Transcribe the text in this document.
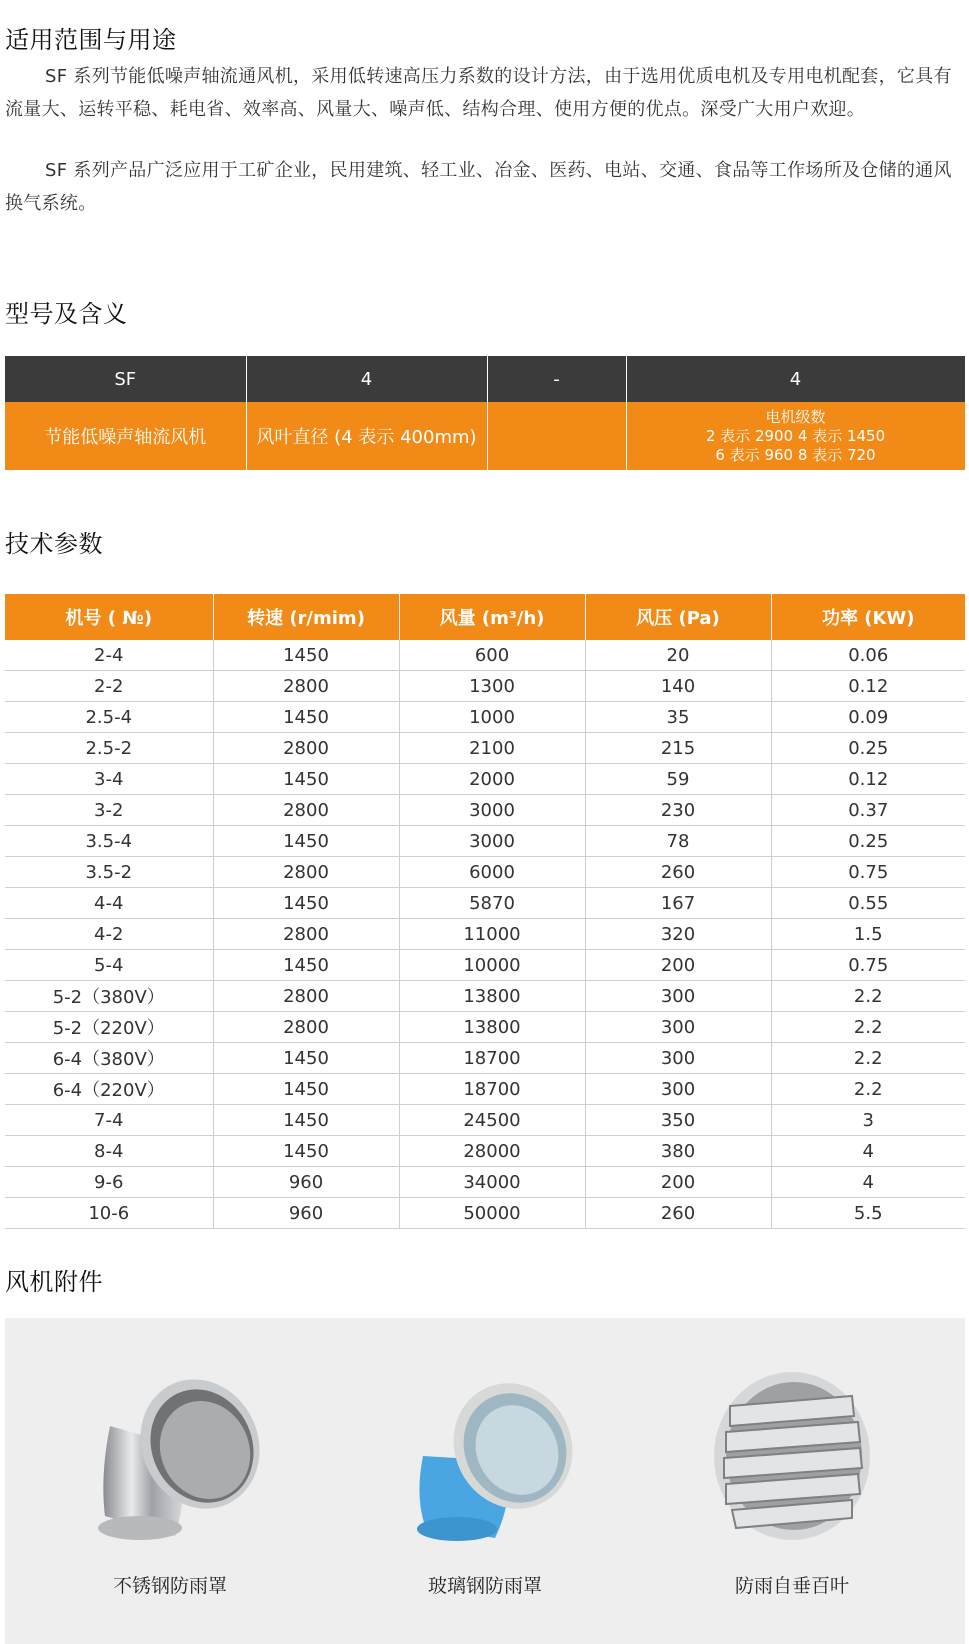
适用范围与用途

SF 系列节能低噪声轴流通风机，采用低转速高压力系数的设计方法，由于选用优质电机及专用电机配套，它具有流量大、运转平稳、耗电省、效率高、风量大、噪声低、结构合理、使用方便的优点。深受广大用户欢迎。

SF 系列产品广泛应用于工矿企业，民用建筑、轻工业、冶金、医药、电站、交通、食品等工作场所及仓储的通风换气系统。

型号及含义
SF	4	-	4
节能低噪声轴流风机	风叶直径 (4 表示 400mm)		电机级数
2 表示 2900 4 表示 1450
6 表示 960 8 表示 720
技术参数
机号 ( №)	转速 (r/mim)	风量 (m³/h)	风压 (Pa)	功率 (KW)
2-4	1450	600	20	0.06
2-2	2800	1300	140	0.12
2.5-4	1450	1000	35	0.09
2.5-2	2800	2100	215	0.25
3-4	1450	2000	59	0.12
3-2	2800	3000	230	0.37
3.5-4	1450	3000	78	0.25
3.5-2	2800	6000	260	0.75
4-4	1450	5870	167	0.55
4-2	2800	11000	320	1.5
5-4	1450	10000	200	0.75
5-2（380V）	2800	13800	300	2.2
5-2（220V）	2800	13800	300	2.2
6-4（380V）	1450	18700	300	2.2
6-4（220V）	1450	18700	300	2.2
7-4	1450	24500	350	3
8-4	1450	28000	380	4
9-6	960	34000	200	4
10-6	960	50000	260	5.5
风机附件
不锈钢防雨罩	玻璃钢防雨罩	防雨自垂百叶
